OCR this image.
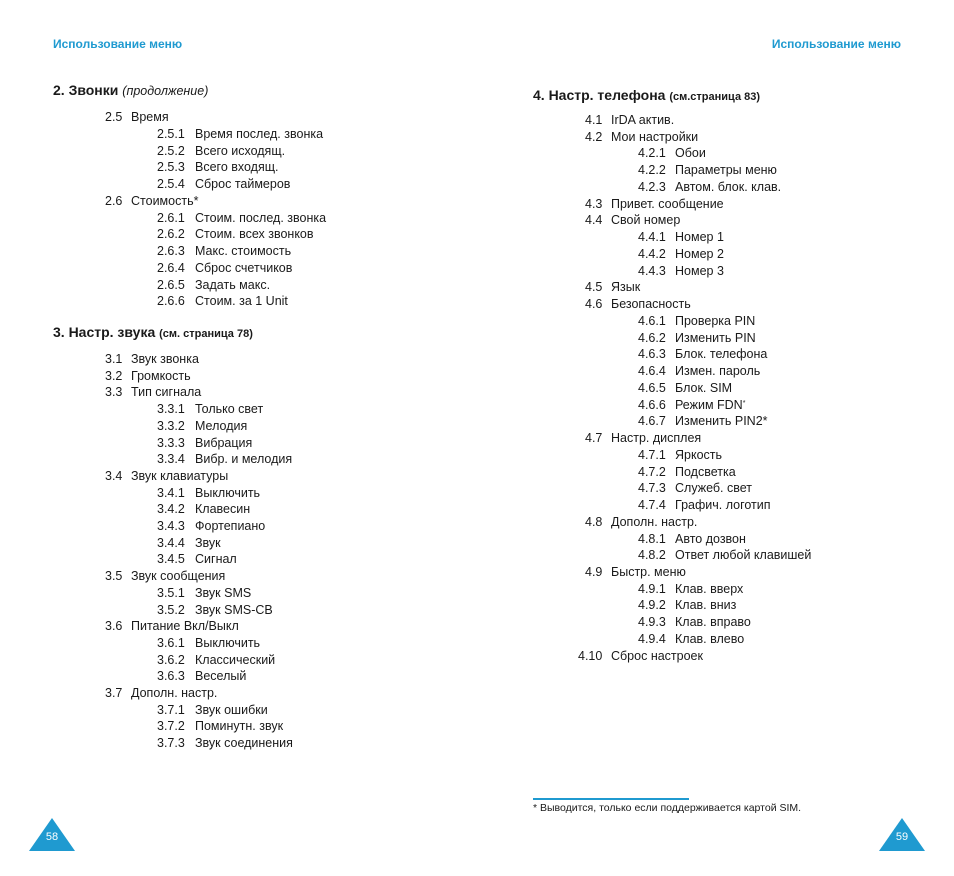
Использование меню
2. Звонки (продолжение)
2.5 Время
2.5.1 Время послед. звонка
2.5.2 Всего исходящ.
2.5.3 Всего входящ.
2.5.4 Сброс таймеров
2.6 Стоимость*
2.6.1 Стоим. послед. звонка
2.6.2 Стоим. всех звонков
2.6.3 Макс. стоимость
2.6.4 Сброс счетчиков
2.6.5 Задать макс.
2.6.6 Стоим. за 1 Unit
3. Настр. звука (см. страница 78)
3.1 Звук звонка
3.2 Громкость
3.3 Тип сигнала
3.3.1 Только свет
3.3.2 Мелодия
3.3.3 Вибрация
3.3.4 Вибр. и мелодия
3.4 Звук клавиатуры
3.4.1 Выключить
3.4.2 Клавесин
3.4.3 Фортепиано
3.4.4 Звук
3.4.5 Сигнал
3.5 Звук сообщения
3.5.1 Звук SMS
3.5.2 Звук SMS-CB
3.6 Питание Вкл/Выкл
3.6.1 Выключить
3.6.2 Классический
3.6.3 Веселый
3.7 Дополн. настр.
3.7.1 Звук ошибки
3.7.2 Поминутн. звук
3.7.3 Звук соединения
58
Использование меню
4. Настр. телефона (см.страница 83)
4.1 IrDA актив.
4.2 Мои настройки
4.2.1 Обои
4.2.2 Параметры меню
4.2.3 Автом. блок. клав.
4.3 Привет. сообщение
4.4 Свой номер
4.4.1 Номер 1
4.4.2 Номер 2
4.4.3 Номер 3
4.5 Язык
4.6 Безопасность
4.6.1 Проверка PIN
4.6.2 Изменить PIN
4.6.3 Блок. телефона
4.6.4 Измен. пароль
4.6.5 Блок. SIM
4.6.6 Режим FDN*
4.6.7 Изменить PIN2*
4.7 Настр. дисплея
4.7.1 Яркость
4.7.2 Подсветка
4.7.3 Служеб. свет
4.7.4 Графич. логотип
4.8 Дополн. настр.
4.8.1 Авто дозвон
4.8.2 Ответ любой клавишей
4.9 Быстр. меню
4.9.1 Клав. вверх
4.9.2 Клав. вниз
4.9.3 Клав. вправо
4.9.4 Клав. влево
4.10 Сброс настроек
59
* Выводится, только если поддерживается картой SIM.
